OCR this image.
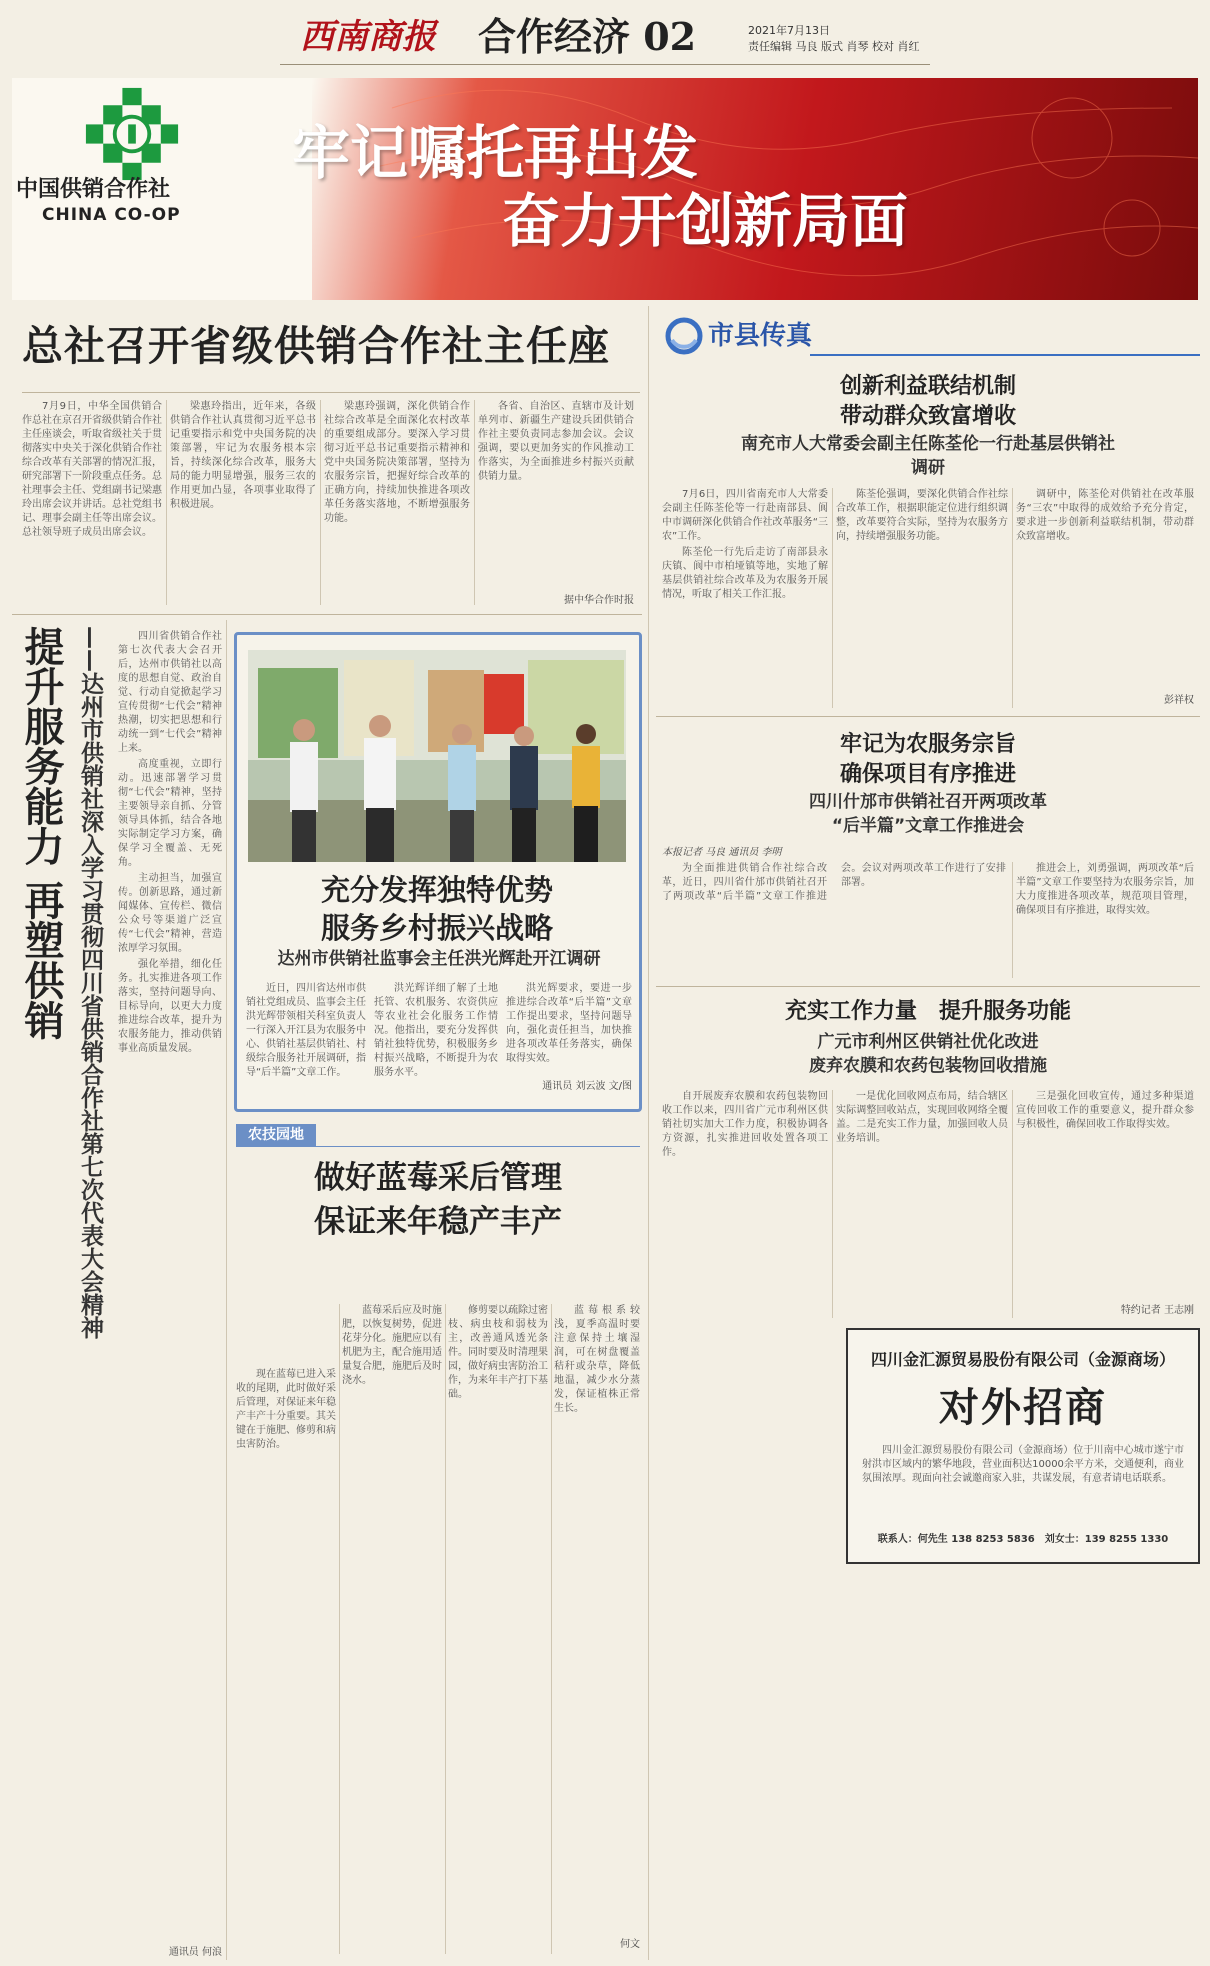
西南商报	合作经济 02	2021年7月13日
责任编辑 马良 版式 肖琴 校对 肖红
中国供销合作社
CHINA CO-OP
牢记嘱托再出发
奋力开创新局面
总社召开省级供销合作社主任座

7月9日，中华全国供销合作总社在京召开省级供销合作社主任座谈会，听取省级社关于贯彻落实中央关于深化供销合作社综合改革有关部署的情况汇报，研究部署下一阶段重点任务。总社理事会主任、党组副书记梁惠玲出席会议并讲话。总社党组书记、理事会副主任等出席会议。总社领导班子成员出席会议。

梁惠玲指出，近年来，各级供销合作社认真贯彻习近平总书记重要指示和党中央国务院的决策部署，牢记为农服务根本宗旨，持续深化综合改革，服务大局的能力明显增强，服务三农的作用更加凸显，各项事业取得了积极进展。

梁惠玲强调，深化供销合作社综合改革是全面深化农村改革的重要组成部分。要深入学习贯彻习近平总书记重要指示精神和党中央国务院决策部署，坚持为农服务宗旨，把握好综合改革的正确方向，持续加快推进各项改革任务落实落地，不断增强服务功能。

各省、自治区、直辖市及计划单列市、新疆生产建设兵团供销合作社主要负责同志参加会议。会议强调，要以更加务实的作风推动工作落实，为全面推进乡村振兴贡献供销力量。

据中华合作时报
提升服务能力 再塑供销 ——达州市供销社深入学习贯彻四川省供销合作社第七次代表大会精神	四川省供销合作社第七次代表大会召开后，达州市供销社以高度的思想自觉、政治自觉、行动自觉掀起学习宣传贯彻“七代会”精神热潮，切实把思想和行动统一到“七代会”精神上来。

高度重视，立即行动。迅速部署学习贯彻“七代会”精神，坚持主要领导亲自抓、分管领导具体抓，结合各地实际制定学习方案，确保学习全覆盖、无死角。

主动担当，加强宣传。创新思路，通过新闻媒体、宣传栏、微信公众号等渠道广泛宣传“七代会”精神，营造浓厚学习氛围。

强化举措，细化任务。扎实推进各项工作落实，坚持问题导向、目标导向，以更大力度推进综合改革，提升为农服务能力，推动供销事业高质量发展。

通讯员 何浪
充分发挥独特优势
服务乡村振兴战略
达州市供销社监事会主任洪光辉赴开江调研

近日，四川省达州市供销社党组成员、监事会主任洪光辉带领相关科室负责人一行深入开江县为农服务中心、供销社基层供销社、村级综合服务社开展调研，指导“后半篇”文章工作。

洪光辉详细了解了土地托管、农机服务、农资供应等农业社会化服务工作情况。他指出，要充分发挥供销社独特优势，积极服务乡村振兴战略，不断提升为农服务水平。

洪光辉要求，要进一步推进综合改革“后半篇”文章工作提出要求，坚持问题导向，强化责任担当，加快推进各项改革任务落实，确保取得实效。

通讯员 刘云波 文/图
农技园地
做好蓝莓采后管理
保证来年稳产丰产

现在蓝莓已进入采收的尾期，此时做好采后管理，对保证来年稳产丰产十分重要。其关键在于施肥、修剪和病虫害防治。

蓝莓采后应及时施肥，以恢复树势，促进花芽分化。施肥应以有机肥为主，配合施用适量复合肥，施肥后及时浇水。

修剪要以疏除过密枝、病虫枝和弱枝为主，改善通风透光条件。同时要及时清理果园，做好病虫害防治工作，为来年丰产打下基础。

蓝莓根系较浅，夏季高温时要注意保持土壤湿润，可在树盘覆盖秸秆或杂草，降低地温，减少水分蒸发，保证植株正常生长。

何文
市县传真
创新利益联结机制
带动群众致富增收
南充市人大常委会副主任陈荃伦一行赴基层供销社调研

7月6日，四川省南充市人大常委会副主任陈荃伦等一行赴南部县、阆中市调研深化供销合作社改革服务“三农”工作。

陈荃伦一行先后走访了南部县永庆镇、阆中市柏垭镇等地，实地了解基层供销社综合改革及为农服务开展情况，听取了相关工作汇报。

陈荃伦强调，要深化供销合作社综合改革工作，根据职能定位进行组织调整，改革要符合实际，坚持为农服务方向，持续增强服务功能。

调研中，陈荃伦对供销社在改革服务“三农”中取得的成效给予充分肯定，要求进一步创新利益联结机制，带动群众致富增收。

彭祥权
牢记为农服务宗旨
确保项目有序推进
四川什邡市供销社召开两项改革
“后半篇”文章工作推进会
本报记者 马良 通讯员 李明

为全面推进供销合作社综合改革，近日，四川省什邡市供销社召开了两项改革“后半篇”文章工作推进会。会议对两项改革工作进行了安排部署。

推进会上，刘勇强调，两项改革“后半篇”文章工作要坚持为农服务宗旨，加大力度推进各项改革，规范项目管理，确保项目有序推进，取得实效。

充实工作力量　提升服务功能
广元市利州区供销社优化改进
废弃农膜和农药包装物回收措施

自开展废弃农膜和农药包装物回收工作以来，四川省广元市利州区供销社切实加大工作力度，积极协调各方资源，扎实推进回收处置各项工作。

一是优化回收网点布局，结合辖区实际调整回收站点，实现回收网络全覆盖。二是充实工作力量，加强回收人员业务培训。

三是强化回收宣传，通过多种渠道宣传回收工作的重要意义，提升群众参与积极性，确保回收工作取得实效。

特约记者 王志刚
四川金汇源贸易股份有限公司（金源商场）
对外招商

四川金汇源贸易股份有限公司（金源商场）位于川南中心城市遂宁市射洪市区域内的繁华地段，营业面积达10000余平方米，交通便利，商业氛围浓厚。现面向社会诚邀商家入驻，共谋发展，有意者请电话联系。

联系人：何先生 138 8253 5836　刘女士：139 8255 1330
